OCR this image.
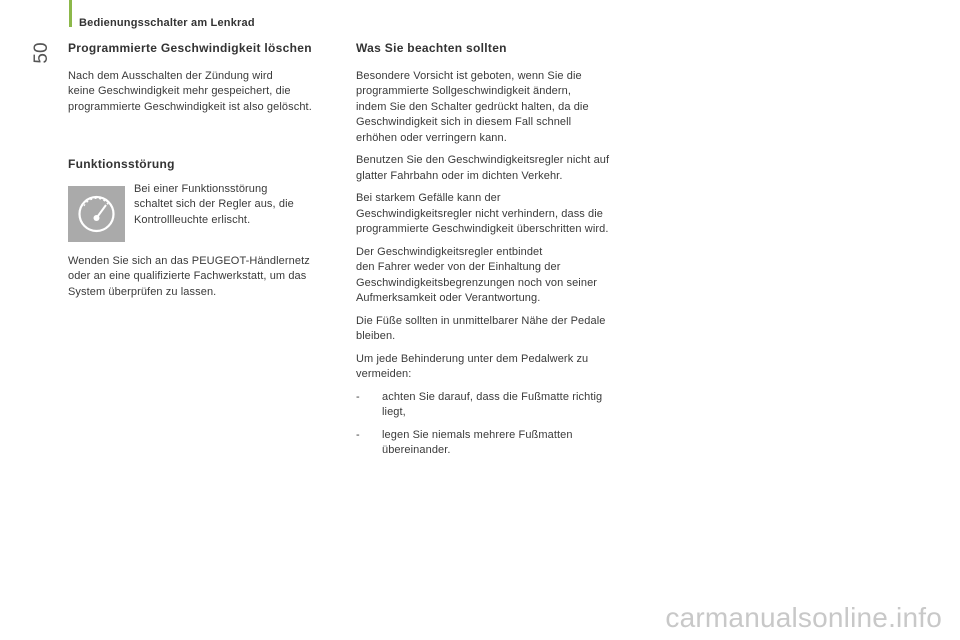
Bedienungsschalter am Lenkrad
50 Programmierte Geschwindigkeit löschen

Nach dem Ausschalten der Zündung wird
keine Geschwindigkeit mehr gespeichert, die
programmierte Geschwindigkeit ist also gelöscht.

Funktionsstörung
Bei einer Funktionsstörung
schaltet sich der Regler aus, die
Kontrollleuchte erlischt.

Wenden Sie sich an das PEUGEOT-Händlernetz
oder an eine qualifizierte Fachwerkstatt, um das
System überprüfen zu lassen.

Was Sie beachten sollten

Besondere Vorsicht ist geboten, wenn Sie die
programmierte Sollgeschwindigkeit ändern,
indem Sie den Schalter gedrückt halten, da die
Geschwindigkeit sich in diesem Fall schnell
erhöhen oder verringern kann.

Benutzen Sie den Geschwindigkeitsregler nicht auf
glatter Fahrbahn oder im dichten Verkehr.

Bei starkem Gefälle kann der
Geschwindigkeitsregler nicht verhindern, dass die
programmierte Geschwindigkeit überschritten wird.

Der Geschwindigkeitsregler entbindet
den Fahrer weder von der Einhaltung der
Geschwindigkeitsbegrenzungen noch von seiner
Aufmerksamkeit oder Verantwortung.

Die Füße sollten in unmittelbarer Nähe der Pedale
bleiben.

Um jede Behinderung unter dem Pedalwerk zu
vermeiden:

- achten Sie darauf, dass die Fußmatte richtig
liegt,
- legen Sie niemals mehrere Fußmatten
übereinander.
carmanualsonline.info
